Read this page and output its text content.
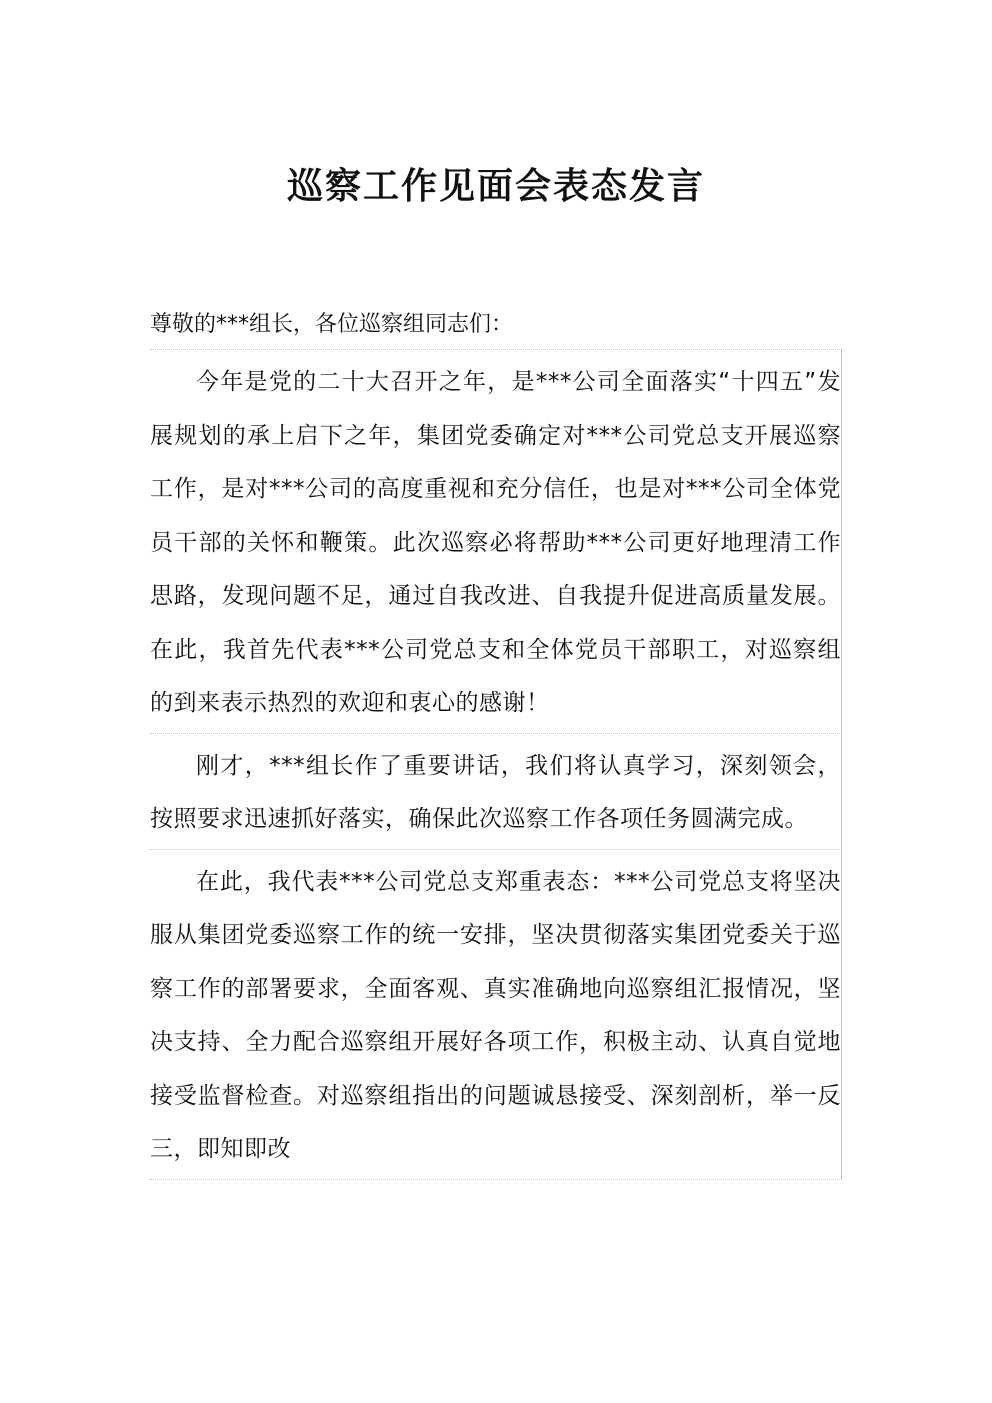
巡察工作见面会表态发言

尊敬的***组长，各位巡察组同志们：

今年是党的二十大召开之年，是***公司全面落实“十四五”发展规划的承上启下之年，集团党委确定对***公司党总支开展巡察工作，是对***公司的高度重视和充分信任，也是对***公司全体党员干部的关怀和鞭策。此次巡察必将帮助***公司更好地理清工作思路，发现问题不足，通过自我改进、自我提升促进高质量发展。在此，我首先代表***公司党总支和全体党员干部职工，对巡察组的到来表示热烈的欢迎和衷心的感谢！

刚才，***组长作了重要讲话，我们将认真学习，深刻领会，按照要求迅速抓好落实，确保此次巡察工作各项任务圆满完成。

在此，我代表***公司党总支郑重表态：***公司党总支将坚决服从集团党委巡察工作的统一安排，坚决贯彻落实集团党委关于巡察工作的部署要求，全面客观、真实准确地向巡察组汇报情况，坚决支持、全力配合巡察组开展好各项工作，积极主动、认真自觉地接受监督检查。对巡察组指出的问题诚恳接受、深刻剖析，举一反三，即知即改
